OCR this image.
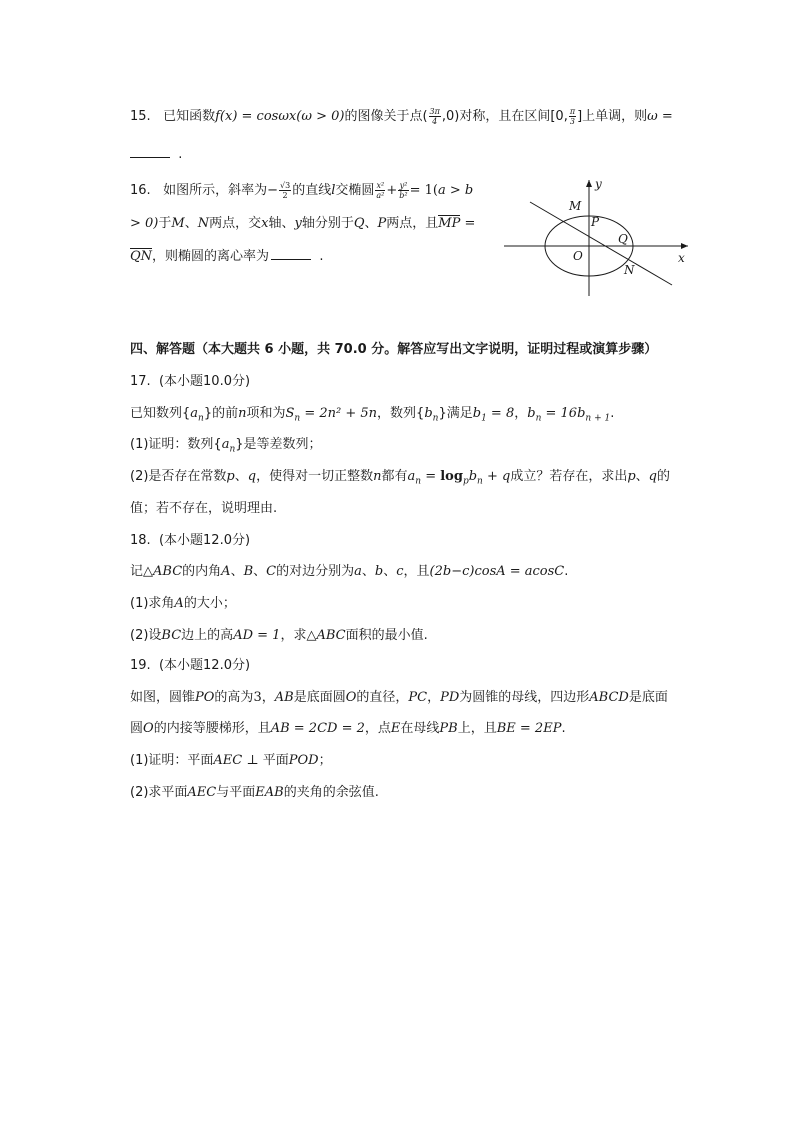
15. 已知函数f(x) = cosωx(ω > 0)的图像关于点( $\frac{3\pi}{4} ,0$)对称，且在区间[0, $\frac{\pi}{3}$ ]上单调，则ω =
.
16. 如图所示，斜率为− $\frac{√3}{2}$ 的直线l交椭圆 $\frac{\text{x²}}{\text{a²}} + \frac{\text{y²}}{\text{b²}} = 1(a > b$
> 0)于M、N两点，交x轴、y轴分别于Q、P两点，且MP =
QN，则椭圆的离心率为	.
y
x
M
P
Q
O
N
四、解答题（本大题共 6 小题，共 70.0 分。解答应写出文字说明，证明过程或演算步骤）
17. (本小题10.0分)
已知数列$\{a_n\}$的前n项和为$S_n = 2n^2 + 5n$，数列$\{b_n\}$满足$b_1 = 8$，$b_n = 16b_{n + 1}$.
(1)证明：数列$\{a_n\}$是等差数列；
(2)是否存在常数p、q，使得对一切正整数n都有$a_n = \log_pb_n + q$成立？若存在，求出p、q的
值；若不存在，说明理由.
18. (本小题12.0分)
记△ABC的内角A、B、C的对边分别为a、b、c，且(2b−c)cosA = acosC.
(1)求角A的大小；
(2)设BC边上的高AD = 1，求△ABC面积的最小值.
19. (本小题12.0分)
如图，圆锥PO的高为3，AB是底面圆O的直径，PC，PD为圆锥的母线，四边形ABCD是底面
圆O的内接等腰梯形，且AB = 2CD = 2，点E在母线PB上，且BE = 2EP.
(1)证明：平面AEC ⊥ 平面POD；
(2)求平面AEC与平面EAB的夹角的余弦值.
